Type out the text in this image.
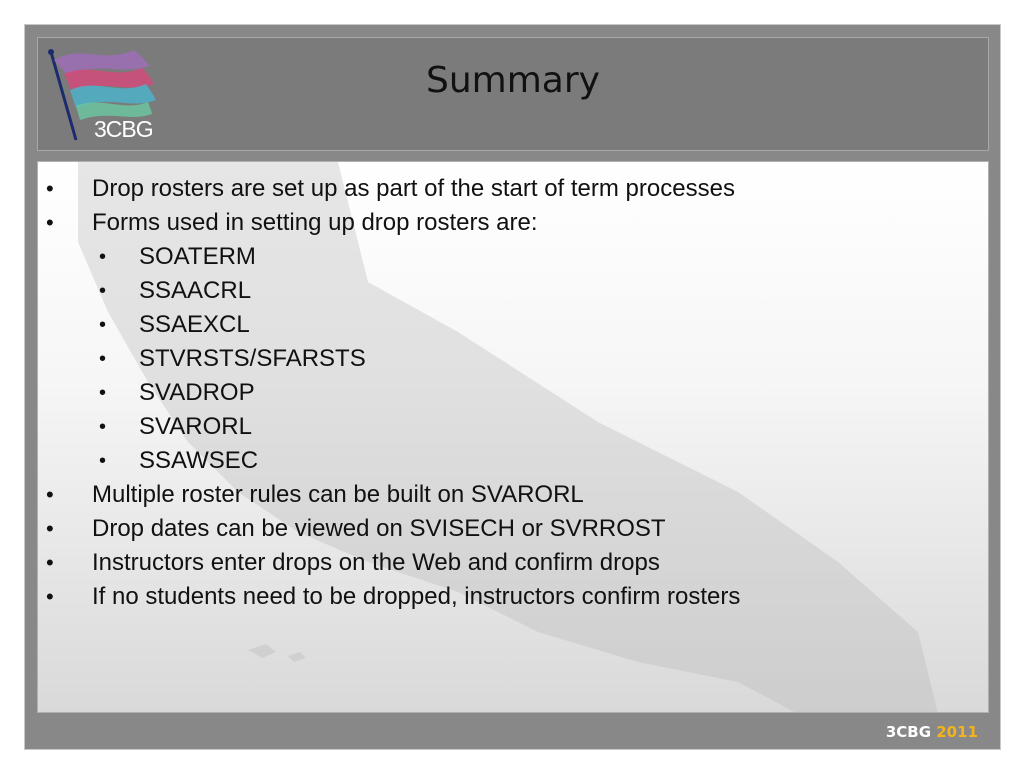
3CBG
Summary
• Drop rosters are set up as part of the start of term processes
• Forms used in setting up drop rosters are:
• SOATERM
• SSAACRL
• SSAEXCL
• STVRSTS/SFARSTS
• SVADROP
• SVARORL
• SSAWSEC
• Multiple roster rules can be built on SVARORL
• Drop dates can be viewed on SVISECH or SVRROST
• Instructors enter drops on the Web and confirm drops
• If no students need to be dropped, instructors confirm rosters
3CBG 2011
